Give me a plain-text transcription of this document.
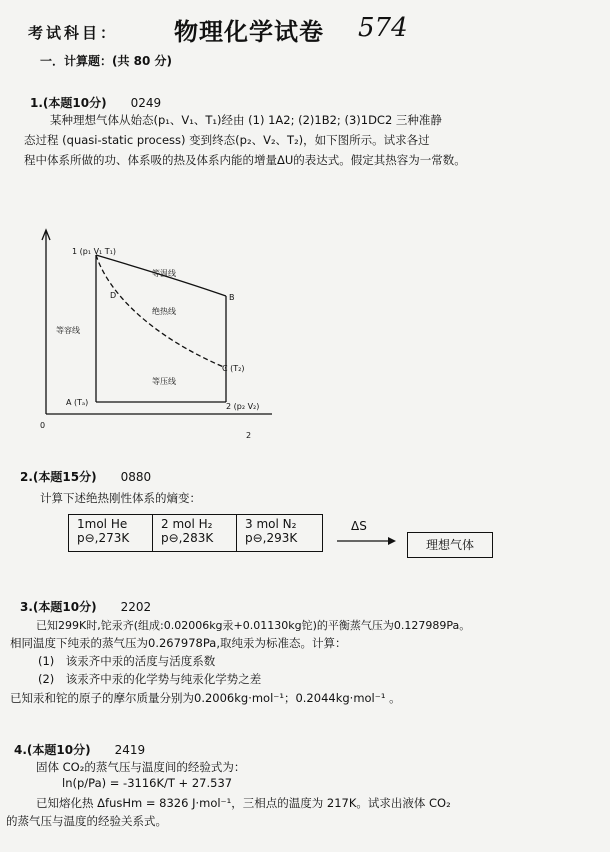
考试科目： 物理化学试卷 574
一．计算题：(共 80 分)
1.(本题10分) 0249
某种理想气体从始态(p₁、V₁、T₁)经由 (1) 1A2; (2)1B2; (3)1DC2 三种准静
态过程 (quasi-static process) 变到终态(p₂、V₂、T₂)，如下图所示。试求各过
程中体系所做的功、体系吸的热及体系内能的增量ΔU的表达式。假定其热容为一常数。
1 (p₁ V₁ T₁)
等温线
D	B
绝热线
等容线
C (T₂)
等压线
A (Tₐ)	2 (p₂ V₂)
0
2
ΔS
2.(本题15分) 0880
计算下述绝热刚性体系的熵变：
1mol He
p⊖,273K
2 mol H₂
p⊖,283K
3 mol N₂
p⊖,293K	理想气体
3.(本题10分) 2202
已知299K时,铊汞齐(组成:0.02006kg汞+0.01130kg铊)的平衡蒸气压为0.127989Pa。
相同温度下纯汞的蒸气压为0.267978Pa,取纯汞为标准态。计算：
(1)　该汞齐中汞的活度与活度系数
(2)　该汞齐中汞的化学势与纯汞化学势之差
已知汞和铊的原子的摩尔质量分别为0.2006kg·mol⁻¹；0.2044kg·mol⁻¹ 。
4.(本题10分) 2419
固体 CO₂的蒸气压与温度间的经验式为：
ln(p/Pa) = -3116K/T + 27.537
已知熔化热 ΔfusHm = 8326 J·mol⁻¹，三相点的温度为 217K。试求出液体 CO₂
的蒸气压与温度的经验关系式。
